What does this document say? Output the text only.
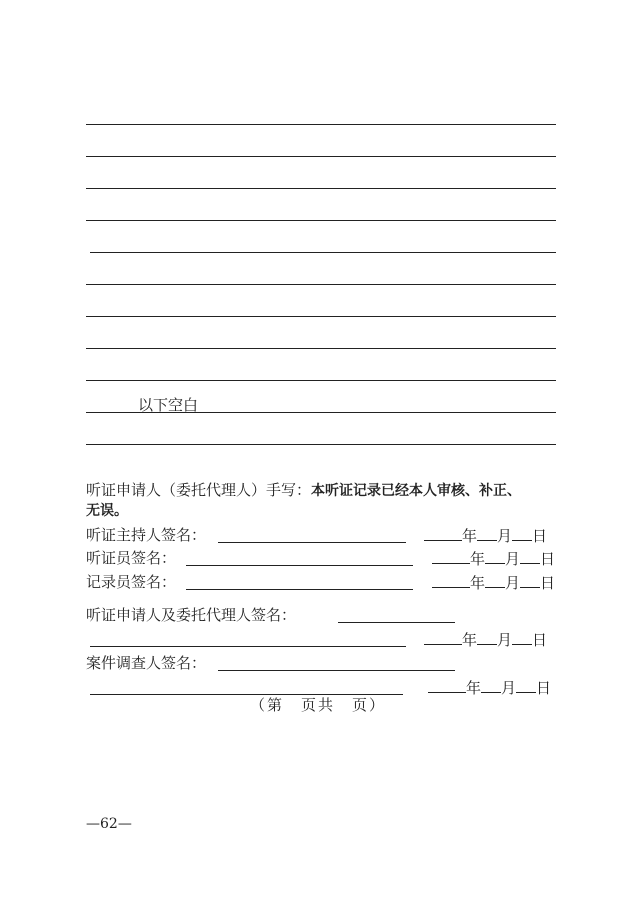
以下空白
听证申请人（委托代理人）手写：本听证记录已经本人审核、补正、
无误。
听证主持人签名：	年 月 日
听证员签名：	年 月 日
记录员签名：	年 月 日
听证申请人及委托代理人签名：
年 月 日
案件调查人签名：
年 月 日
（第　页共　页）
—62—
